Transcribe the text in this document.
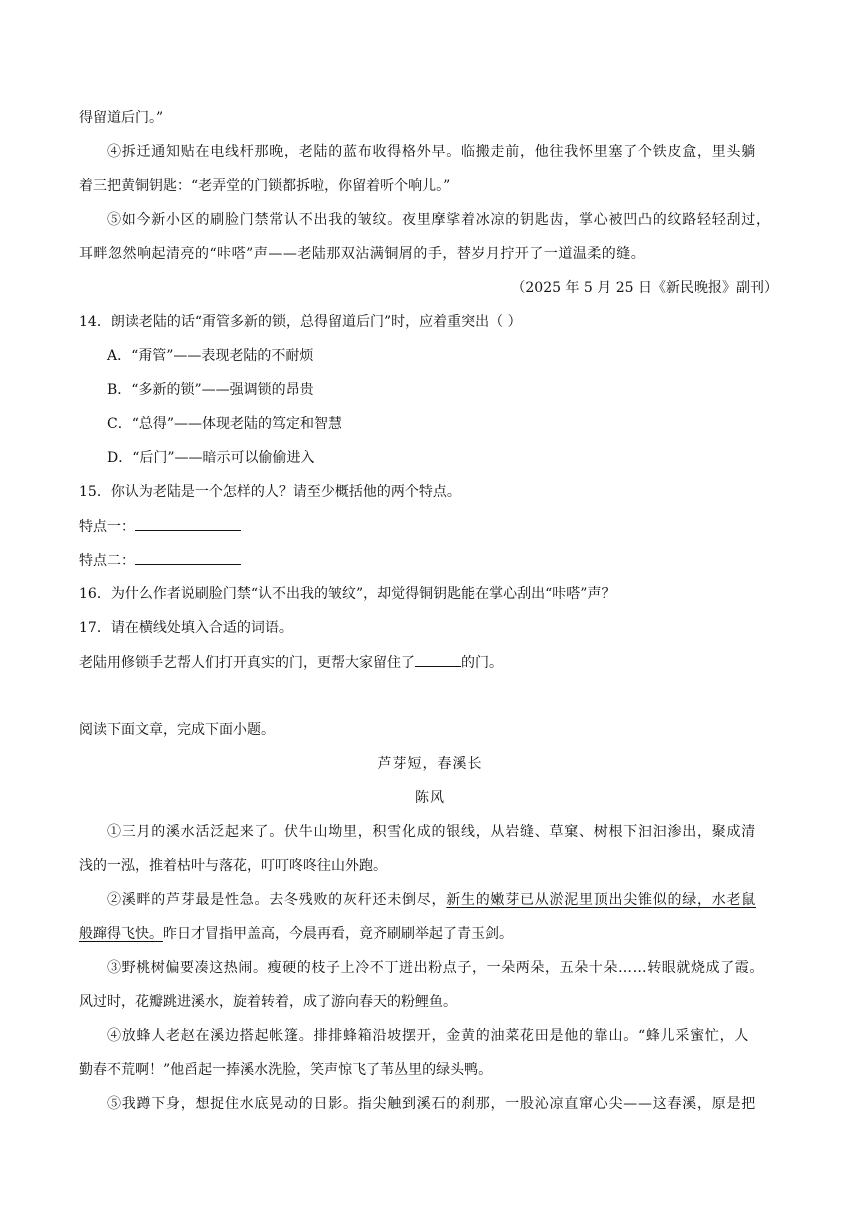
得留道后门。”
④拆迁通知贴在电线杆那晚，老陆的蓝布收得格外早。临搬走前，他往我怀里塞了个铁皮盒，里头躺
着三把黄铜钥匙：“老弄堂的门锁都拆啦，你留着听个响儿。”
⑤如今新小区的刷脸门禁常认不出我的皱纹。夜里摩挲着冰凉的钥匙齿，掌心被凹凸的纹路轻轻刮过，
耳畔忽然响起清亮的“咔嗒”声——老陆那双沾满铜屑的手，替岁月拧开了一道温柔的缝。
（2025 年 5 月 25 日《新民晚报》副刊）
14．朗读老陆的话“甭管多新的锁，总得留道后门”时，应着重突出（ ）
A．“甭管”——表现老陆的不耐烦
B．“多新的锁”——强调锁的昂贵
C．“总得”——体现老陆的笃定和智慧
D．“后门”——暗示可以偷偷进入
15．你认为老陆是一个怎样的人？请至少概括他的两个特点。
特点一：
特点二：
16．为什么作者说刷脸门禁“认不出我的皱纹”，却觉得铜钥匙能在掌心刮出“咔嗒”声？
17．请在横线处填入合适的词语。
老陆用修锁手艺帮人们打开真实的门，更帮大家留住了	的门。
阅读下面文章，完成下面小题。
芦芽短，春溪长
陈风
①三月的溪水活泛起来了。伏牛山坳里，积雪化成的银线，从岩缝、草窠、树根下汩汩渗出，聚成清
浅的一泓，推着枯叶与落花，叮叮咚咚往山外跑。
②溪畔的芦芽最是性急。去冬残败的灰秆还未倒尽，新生的嫩芽已从淤泥里顶出尖锥似的绿，水老鼠
般蹿得飞快。昨日才冒指甲盖高，今晨再看，竟齐刷刷举起了青玉剑。
③野桃树偏要凑这热闹。瘦硬的枝子上冷不丁迸出粉点子，一朵两朵，五朵十朵……转眼就烧成了霞。
风过时，花瓣跳进溪水，旋着转着，成了游向春天的粉鲤鱼。
④放蜂人老赵在溪边搭起帐篷。排排蜂箱沿坡摆开，金黄的油菜花田是他的靠山。“蜂儿采蜜忙，人
勤春不荒啊！”他舀起一捧溪水洗脸，笑声惊飞了苇丛里的绿头鸭。
⑤我蹲下身，想捉住水底晃动的日影。指尖触到溪石的刹那，一股沁凉直窜心尖——这春溪，原是把
